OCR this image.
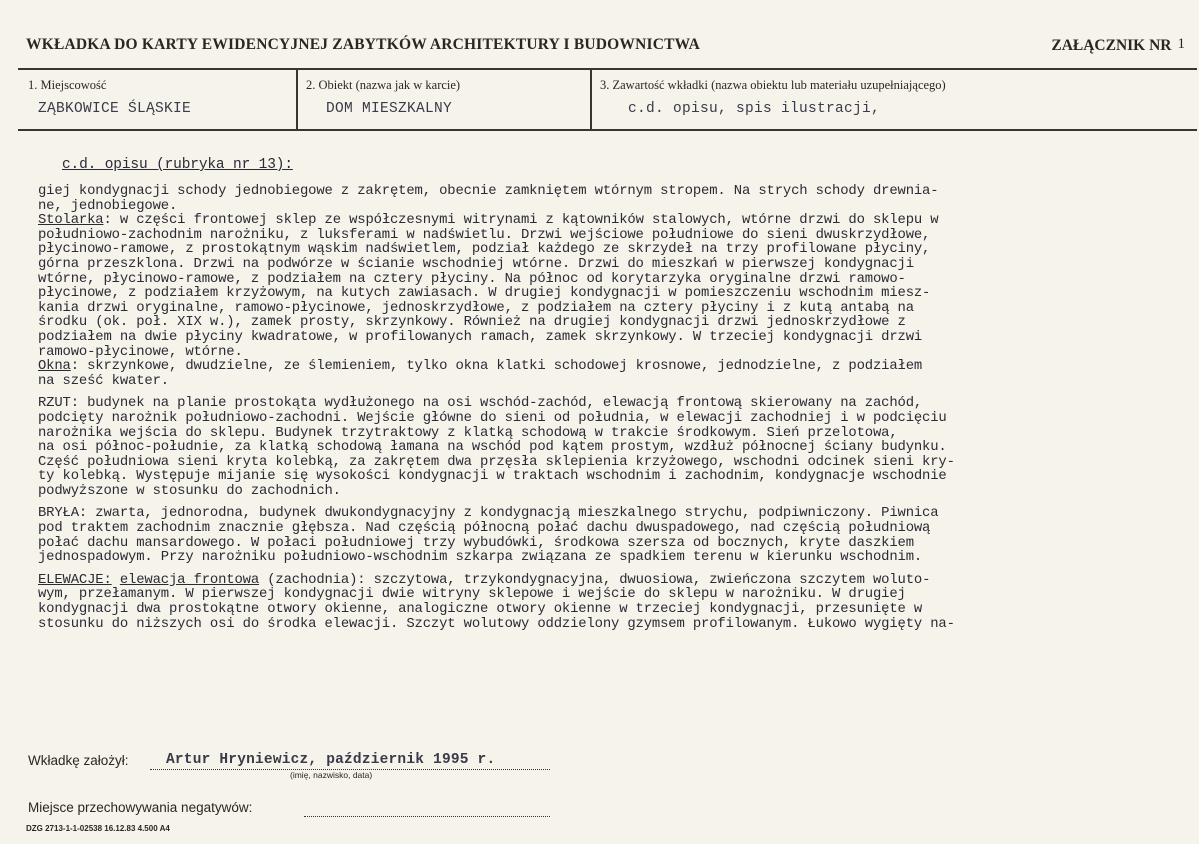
WKŁADKA DO KARTY EWIDENCYJNEJ ZABYTKÓW ARCHITEKTURY I BUDOWNICTWA	ZAŁĄCZNIK NR 1
1. Miejscowość
ZĄBKOWICE ŚLĄSKIE
2. Obiekt (nazwa jak w karcie)
DOM MIESZKALNY
3. Zawartość wkładki (nazwa obiektu lub materiału uzupełniającego)
c.d. opisu, spis ilustracji,
c.d. opisu (rubryka nr 13):
giej kondygnacji schody jednobiegowe z zakrętem, obecnie zamkniętem wtórnym stropem. Na strych schody drewnia-
ne, jednobiegowe.
Stolarka: w części frontowej sklep ze współczesnymi witrynami z kątowników stalowych, wtórne drzwi do sklepu w
południowo-zachodnim narożniku, z luksferami w nadświetlu. Drzwi wejściowe południowe do sieni dwuskrzydłowe,
płycinowo-ramowe, z prostokątnym wąskim nadświetlem, podział każdego ze skrzydeł na trzy profilowane płyciny,
górna przeszklona. Drzwi na podwórze w ścianie wschodniej wtórne. Drzwi do mieszkań w pierwszej kondygnacji
wtórne, płycinowo-ramowe, z podziałem na cztery płyciny. Na północ od korytarzyka oryginalne drzwi ramowo-
płycinowe, z podziałem krzyżowym, na kutych zawiasach. W drugiej kondygnacji w pomieszczeniu wschodnim miesz-
kania drzwi oryginalne, ramowo-płycinowe, jednoskrzydłowe, z podziałem na cztery płyciny i z kutą antabą na
środku (ok. poł. XIX w.), zamek prosty, skrzynkowy. Również na drugiej kondygnacji drzwi jednoskrzydłowe z
podziałem na dwie płyciny kwadratowe, w profilowanych ramach, zamek skrzynkowy. W trzeciej kondygnacji drzwi
ramowo-płycinowe, wtórne.
Okna: skrzynkowe, dwudzielne, ze ślemieniem, tylko okna klatki schodowej krosnowe, jednodzielne, z podziałem
na sześć kwater.
RZUT: budynek na planie prostokąta wydłużonego na osi wschód-zachód, elewacją frontową skierowany na zachód,
podcięty narożnik południowo-zachodni. Wejście główne do sieni od południa, w elewacji zachodniej i w podcięciu
narożnika wejścia do sklepu. Budynek trzytraktowy z klatką schodową w trakcie środkowym. Sień przelotowa,
na osi północ-południe, za klatką schodową łamana na wschód pod kątem prostym, wzdłuż północnej ściany budynku.
Część południowa sieni kryta kolebką, za zakrętem dwa przęsła sklepienia krzyżowego, wschodni odcinek sieni kry-
ty kolebką. Występuje mijanie się wysokości kondygnacji w traktach wschodnim i zachodnim, kondygnacje wschodnie
podwyższone w stosunku do zachodnich.
BRYŁA: zwarta, jednorodna, budynek dwukondygnacyjny z kondygnacją mieszkalnego strychu, podpiwniczony. Piwnica
pod traktem zachodnim znacznie głębsza. Nad częścią północną połać dachu dwuspadowego, nad częścią południową
połać dachu mansardowego. W połaci południowej trzy wybudówki, środkowa szersza od bocznych, kryte daszkiem
jednospadowym. Przy narożniku południowo-wschodnim szkarpa związana ze spadkiem terenu w kierunku wschodnim.
ELEWACJE: elewacja frontowa (zachodnia): szczytowa, trzykondygnacyjna, dwuosiowa, zwieńczona szczytem woluto-
wym, przełamanym. W pierwszej kondygnacji dwie witryny sklepowe i wejście do sklepu w narożniku. W drugiej
kondygnacji dwa prostokątne otwory okienne, analogiczne otwory okienne w trzeciej kondygnacji, przesunięte w
stosunku do niższych osi do środka elewacji. Szczyt wolutowy oddzielony gzymsem profilowanym. Łukowo wygięty na-
Wkładkę założył:	Artur Hryniewicz, październik 1995 r.
(imię, nazwisko, data)
Miejsce przechowywania negatywów:
DZG 2713-1-1-02538 16.12.83 4.500 A4
